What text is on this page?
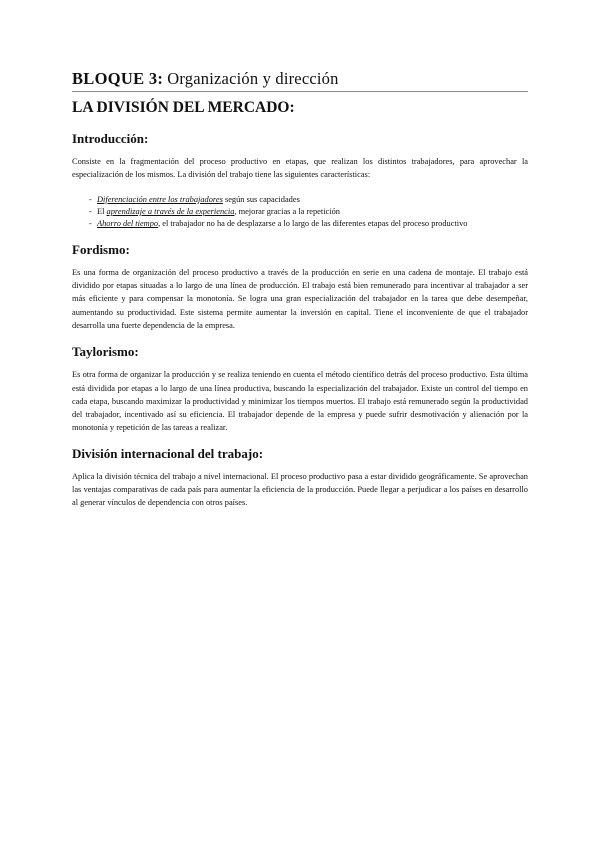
BLOQUE 3: Organización y dirección
LA DIVISIÓN DEL MERCADO:
Introducción:

Consiste en la fragmentación del proceso productivo en etapas, que realizan los distintos trabajadores, para aprovechar la especialización de los mismos. La división del trabajo tiene las siguientes características:

- Diferenciación entre los trabajadores según sus capacidades
- El aprendizaje a través de la experiencia, mejorar gracias a la repetición
- Ahorro del tiempo, el trabajador no ha de desplazarse a lo largo de las diferentes etapas del proceso productivo
Fordismo:

Es una forma de organización del proceso productivo a través de la producción en serie en una cadena de montaje. El trabajo está dividido por etapas situadas a lo largo de una línea de producción. El trabajo está bien remunerado para incentivar al trabajador a ser más eficiente y para compensar la monotonía. Se logra una gran especialización del trabajador en la tarea que debe desempeñar, aumentando su productividad. Este sistema permite aumentar la inversión en capital. Tiene el inconveniente de que el trabajador desarrolla una fuerte dependencia de la empresa.

Taylorismo:

Es otra forma de organizar la producción y se realiza teniendo en cuenta el método científico detrás del proceso productivo. Esta última está dividida por etapas a lo largo de una línea productiva, buscando la especialización del trabajador. Existe un control del tiempo en cada etapa, buscando maximizar la productividad y minimizar los tiempos muertos. El trabajo está remunerado según la productividad del trabajador, incentivado así su eficiencia. El trabajador depende de la empresa y puede sufrir desmotivación y alienación por la monotonía y repetición de las tareas a realizar.

División internacional del trabajo:

Aplica la división técnica del trabajo a nivel internacional. El proceso productivo pasa a estar dividido geográficamente. Se aprovechan las ventajas comparativas de cada país para aumentar la eficiencia de la producción. Puede llegar a perjudicar a los países en desarrollo al generar vínculos de dependencia con otros países.
